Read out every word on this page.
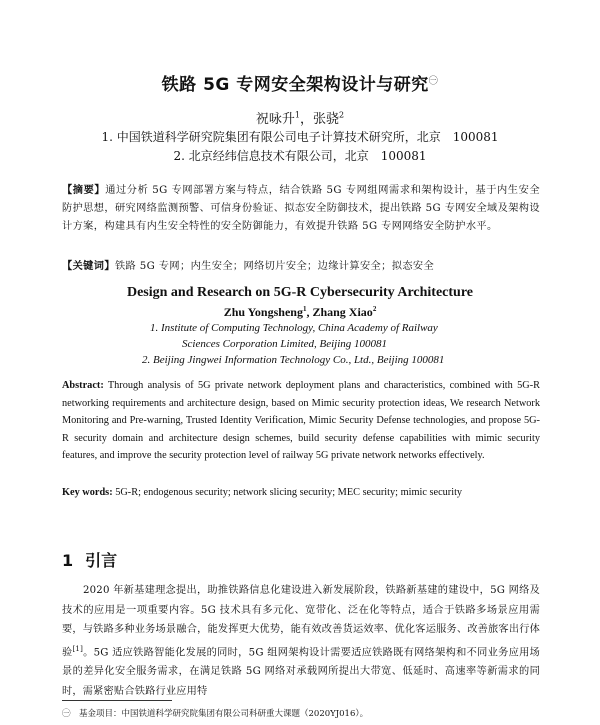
铁路 5G 专网安全架构设计与研究$^㊀$
祝咏升$^1$，张骁$^2$
1. 中国铁道科学研究院集团有限公司电子计算技术研究所，北京　100081
2. 北京经纬信息技术有限公司，北京　100081
【摘要】通过分析 5G 专网部署方案与特点，结合铁路 5G 专网组网需求和架构设计，基于内生安全防护思想，研究网络监测预警、可信身份验证、拟态安全防御技术，提出铁路 5G 专网安全域及架构设计方案，构建具有内生安全特性的安全防御能力，有效提升铁路 5G 专网网络安全防护水平。
【关键词】铁路 5G 专网；内生安全；网络切片安全；边缘计算安全；拟态安全
Design and Research on 5G-R Cybersecurity Architecture
Zhu Yongsheng$^1$, Zhang Xiao$^2$
1. Institute of Computing Technology, China Academy of Railway
Sciences Corporation Limited, Beijing 100081
2. Beijing Jingwei Information Technology Co., Ltd., Beijing 100081
Abstract: Through analysis of 5G private network deployment plans and characteristics, combined with 5G-R networking requirements and architecture design, based on Mimic security protection ideas, We research Network Monitoring and Pre-warning, Trusted Identity Verification, Mimic Security Defense technologies, and propose 5G-R security domain and architecture design schemes, build security defense capabilities with mimic security features, and improve the security protection level of railway 5G private network networks effectively.
Key words: 5G-R; endogenous security; network slicing security; MEC security; mimic security
1 引言
　　2020 年新基建理念提出，助推铁路信息化建设进入新发展阶段，铁路新基建的建设中，5G 网络及技术的应用是一项重要内容。5G 技术具有多元化、宽带化、泛在化等特点，适合于铁路多场景应用需要，与铁路多种业务场景融合，能发挥更大优势，能有效改善货运效率、优化客运服务、改善旅客出行体验[1]。5G 适应铁路智能化发展的同时，5G 组网架构设计需要适应铁路既有网络架构和不同业务应用场景的差异化安全服务需求，在满足铁路 5G 网络对承载网所提出大带宽、低延时、高速率等新需求的同时，需紧密贴合铁路行业应用特
㊀　基金项目：中国铁道科学研究院集团有限公司科研重大课题（2020YJ016）。
